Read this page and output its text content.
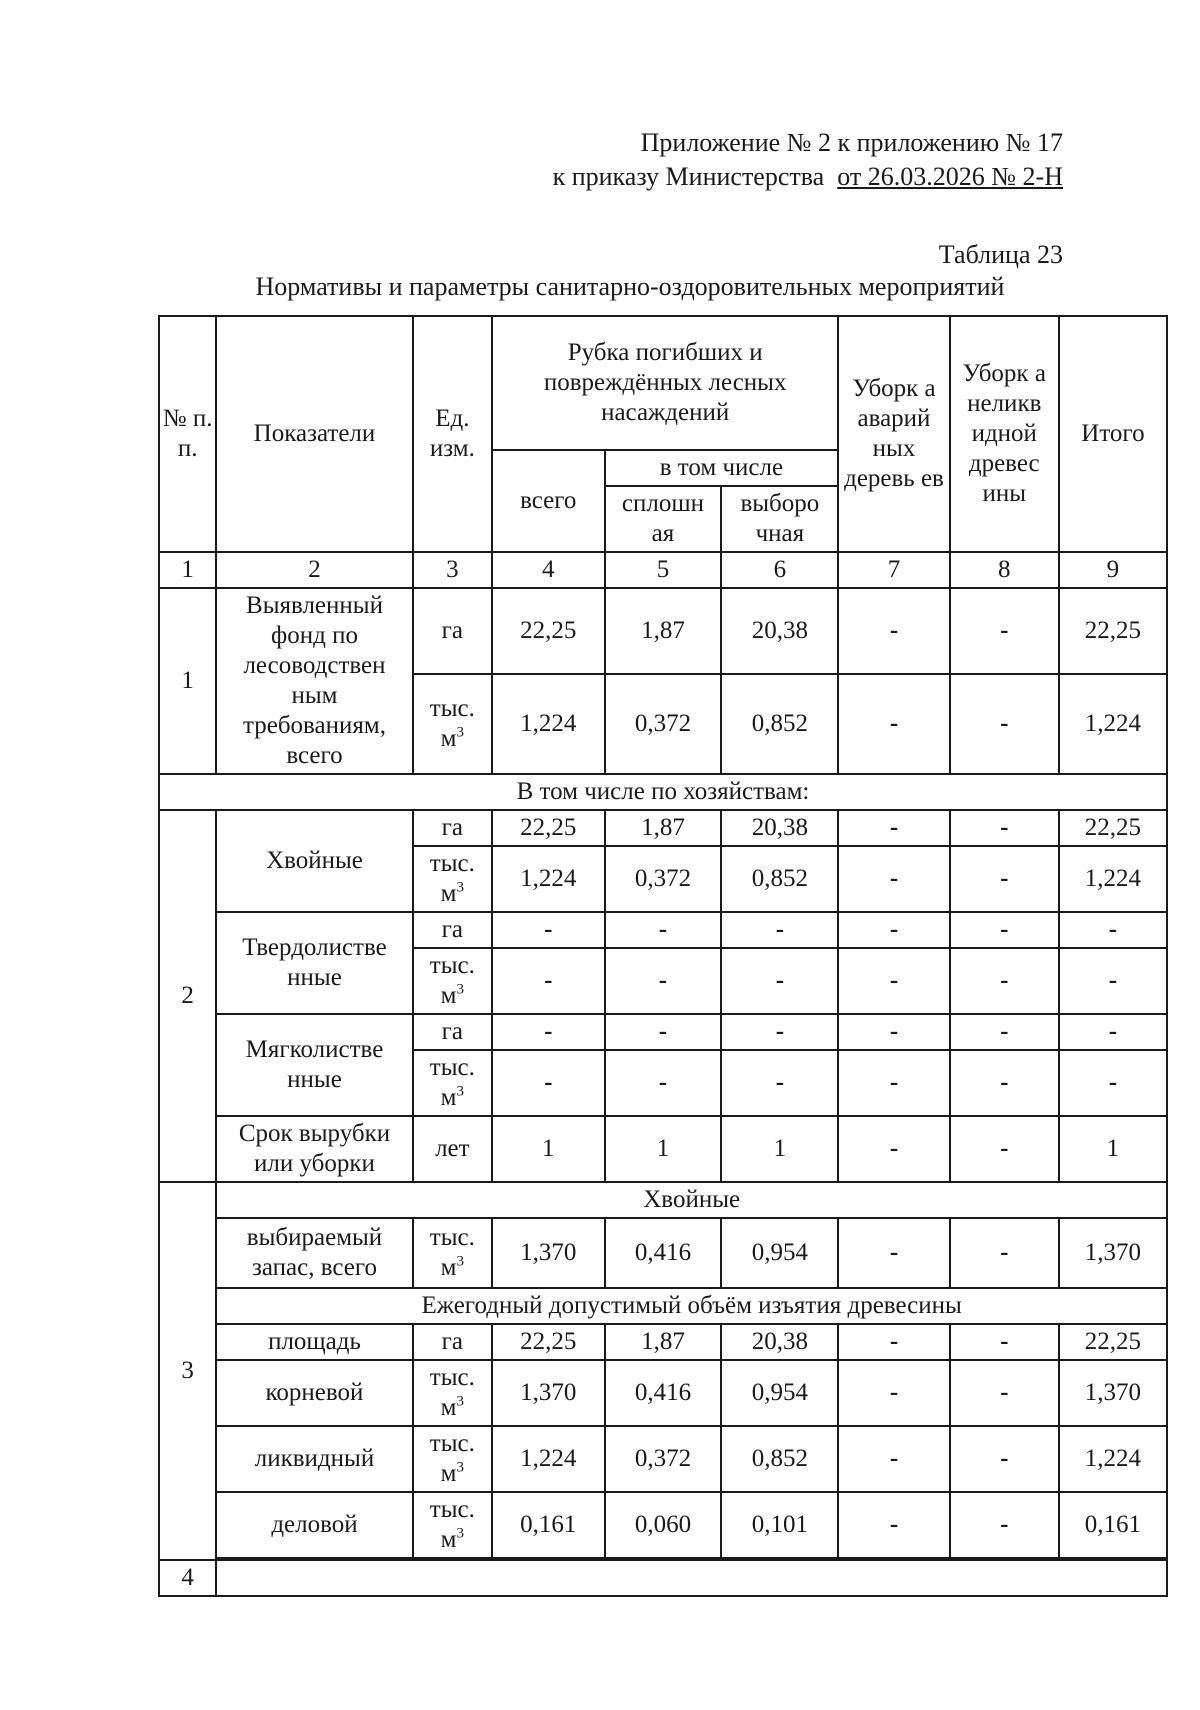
Приложение № 2 к приложению № 17
к приказу Министерства от 26.03.2026 № 2-Н
Таблица 23
Нормативы и параметры санитарно-оздоровительных мероприятий
№ п. п.	Показатели	Ед. изм.	Рубка погибших и повреждённых лесных насаждений			Уборк а аварий ных деревь ев	Уборк а неликв идной древес ины	Итого
			всего	в том числе				
				сплошн ая	выборо чная			
1	2	3	4	5	6	7	8	9
1	Выявленный фонд по лесоводствен ным требованиям, всего	га	22,25	1,87	20,38	-	-	22,25
		тыс. $м^3$	1,224	0,372	0,852	-	-	1,224
В том числе по хозяйствам:								
2	Хвойные	га	22,25	1,87	20,38	-	-	22,25
		тыс. $м^3$	1,224	0,372	0,852	-	-	1,224
	Твердолистве нные	га	-	-	-	-	-	-
		тыс. $м^3$	-	-	-	-	-	-
	Мягколистве нные	га	-	-	-	-	-	-
		тыс. $м^3$	-	-	-	-	-	-
	Срок вырубки или уборки	лет	1	1	1	-	-	1
3	Хвойные							
	выбираемый запас, всего	тыс. $м^3$	1,370	0,416	0,954	-	-	1,370
	Ежегодный допустимый объём изъятия древесины							
	площадь	га	22,25	1,87	20,38	-	-	22,25
	корневой	тыс. $м^3$	1,370	0,416	0,954	-	-	1,370
	ликвидный	тыс. $м^3$	1,224	0,372	0,852	-	-	1,224
	деловой	тыс. $м^3$	0,161	0,060	0,101	-	-	0,161

4								
